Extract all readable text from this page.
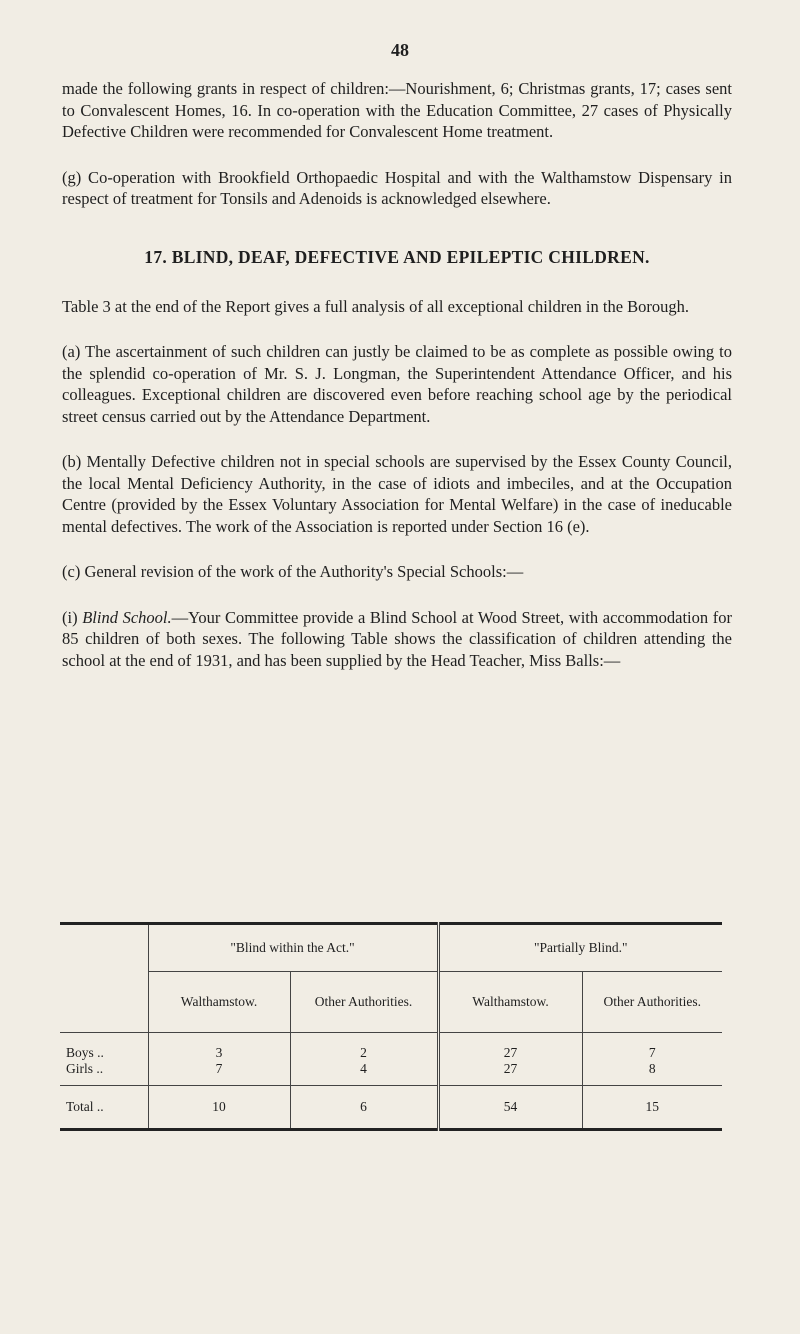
48

made the following grants in respect of children:—Nourishment, 6; Christmas grants, 17; cases sent to Convalescent Homes, 16. In co-operation with the Education Committee, 27 cases of Physically Defective Children were recommended for Convalescent Home treatment.

(g) Co-operation with Brookfield Orthopaedic Hospital and with the Walthamstow Dispensary in respect of treatment for Tonsils and Adenoids is acknowledged elsewhere.

17. BLIND, DEAF, DEFECTIVE AND EPILEPTIC CHILDREN.

Table 3 at the end of the Report gives a full analysis of all exceptional children in the Borough.

(a) The ascertainment of such children can justly be claimed to be as complete as possible owing to the splendid co-operation of Mr. S. J. Longman, the Superintendent Attendance Officer, and his colleagues. Exceptional children are discovered even before reaching school age by the periodical street census carried out by the Attendance Department.

(b) Mentally Defective children not in special schools are supervised by the Essex County Council, the local Mental Deficiency Authority, in the case of idiots and imbeciles, and at the Occupation Centre (provided by the Essex Voluntary Association for Mental Welfare) in the case of ineducable mental defectives. The work of the Association is reported under Section 16 (e).

(c) General revision of the work of the Authority's Special Schools:—

(i) Blind School.—Your Committee provide a Blind School at Wood Street, with accommodation for 85 children of both sexes. The following Table shows the classification of children attending the school at the end of 1931, and has been supplied by the Head Teacher, Miss Balls:—

	"Blind within the Act."		"Partially Blind."	
	Walthamstow.	Other Authorities.	Walthamstow.	Other Authorities.
Boys ..	3	2	27	7
Girls ..	7	4	27	8
Total ..	10	6	54	15
